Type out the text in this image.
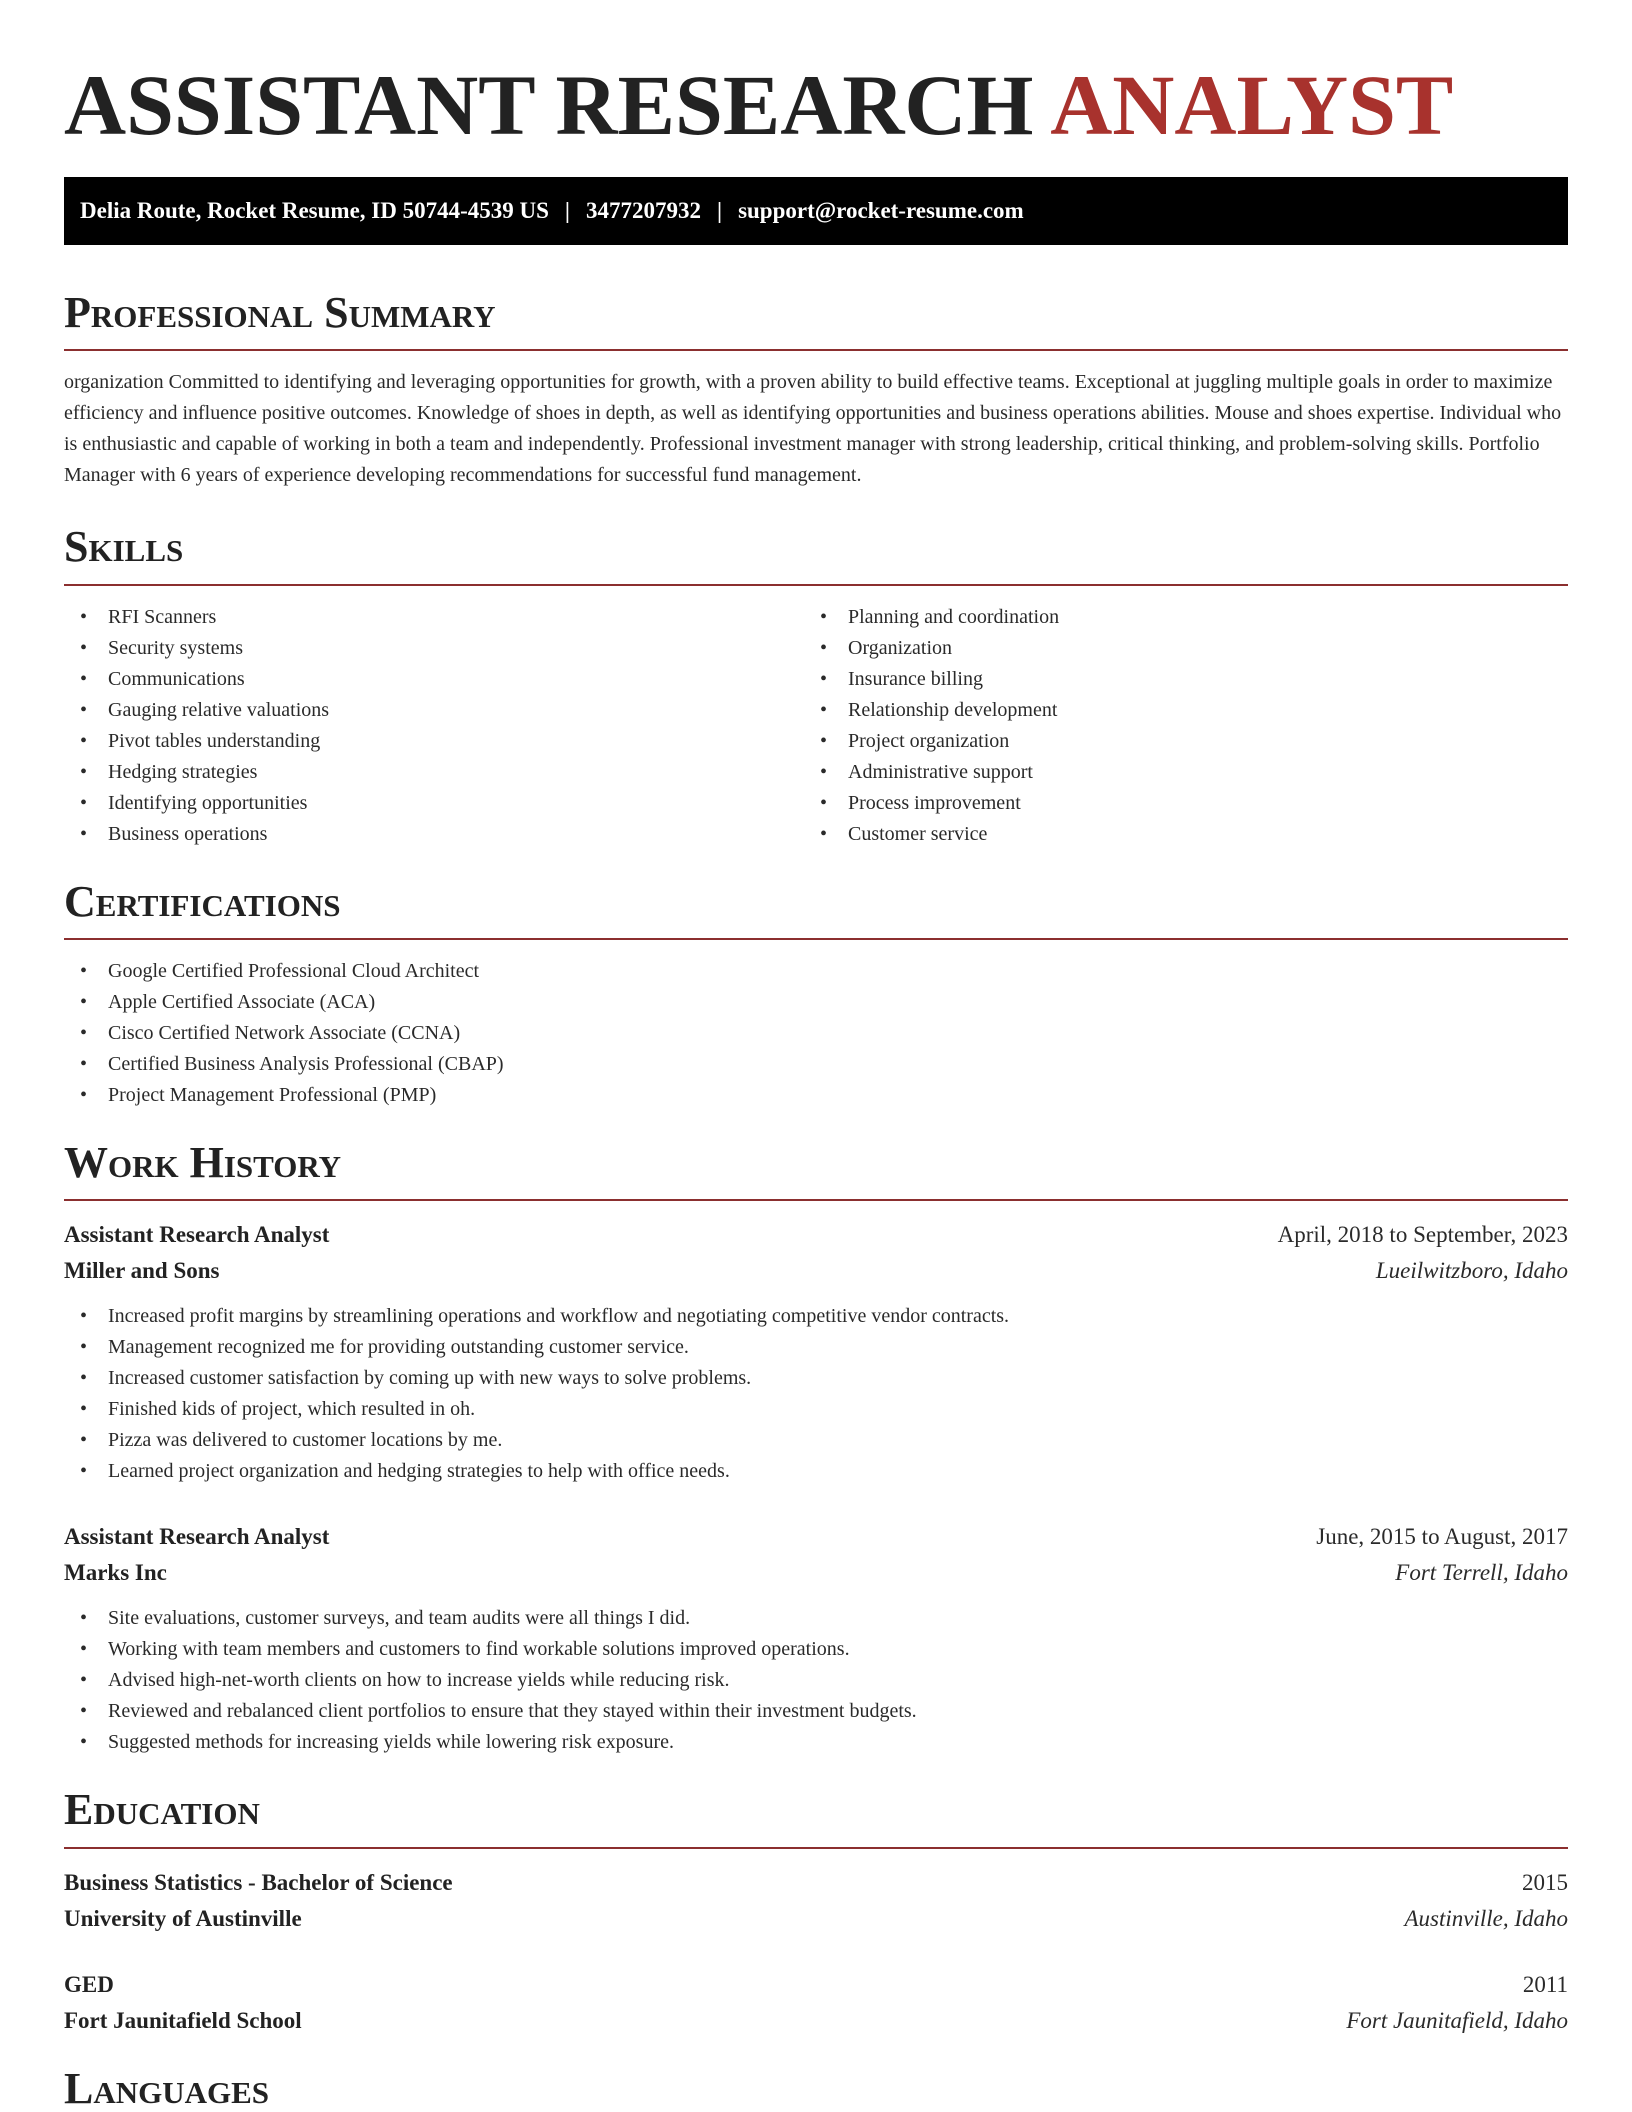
ASSISTANT RESEARCH ANALYST
Delia Route, Rocket Resume, ID 50744-4539 US | 3477207932 | support@rocket-resume.com
Professional Summary

organization Committed to identifying and leveraging opportunities for growth, with a proven ability to build effective teams. Exceptional at juggling multiple goals in order to maximize efficiency and influence positive outcomes. Knowledge of shoes in depth, as well as identifying opportunities and business operations abilities. Mouse and shoes expertise. Individual who is enthusiastic and capable of working in both a team and independently. Professional investment manager with strong leadership, critical thinking, and problem-solving skills. Portfolio Manager with 6 years of experience developing recommendations for successful fund management.

Skills
• RFI Scanners
• Security systems
• Communications
• Gauging relative valuations
• Pivot tables understanding
• Hedging strategies
• Identifying opportunities
• Business operations
• Planning and coordination
• Organization
• Insurance billing
• Relationship development
• Project organization
• Administrative support
• Process improvement
• Customer service
Certifications
• Google Certified Professional Cloud Architect
• Apple Certified Associate (ACA)
• Cisco Certified Network Associate (CCNA)
• Certified Business Analysis Professional (CBAP)
• Project Management Professional (PMP)
Work History
Assistant Research Analyst	April, 2018 to September, 2023
Miller and Sons	Lueilwitzboro, Idaho
• Increased profit margins by streamlining operations and workflow and negotiating competitive vendor contracts.
• Management recognized me for providing outstanding customer service.
• Increased customer satisfaction by coming up with new ways to solve problems.
• Finished kids of project, which resulted in oh.
• Pizza was delivered to customer locations by me.
• Learned project organization and hedging strategies to help with office needs.
Assistant Research Analyst	June, 2015 to August, 2017
Marks Inc	Fort Terrell, Idaho
• Site evaluations, customer surveys, and team audits were all things I did.
• Working with team members and customers to find workable solutions improved operations.
• Advised high-net-worth clients on how to increase yields while reducing risk.
• Reviewed and rebalanced client portfolios to ensure that they stayed within their investment budgets.
• Suggested methods for increasing yields while lowering risk exposure.
Education
Business Statistics - Bachelor of Science	2015
University of Austinville	Austinville, Idaho
GED	2011
Fort Jaunitafield School	Fort Jaunitafield, Idaho
Languages
